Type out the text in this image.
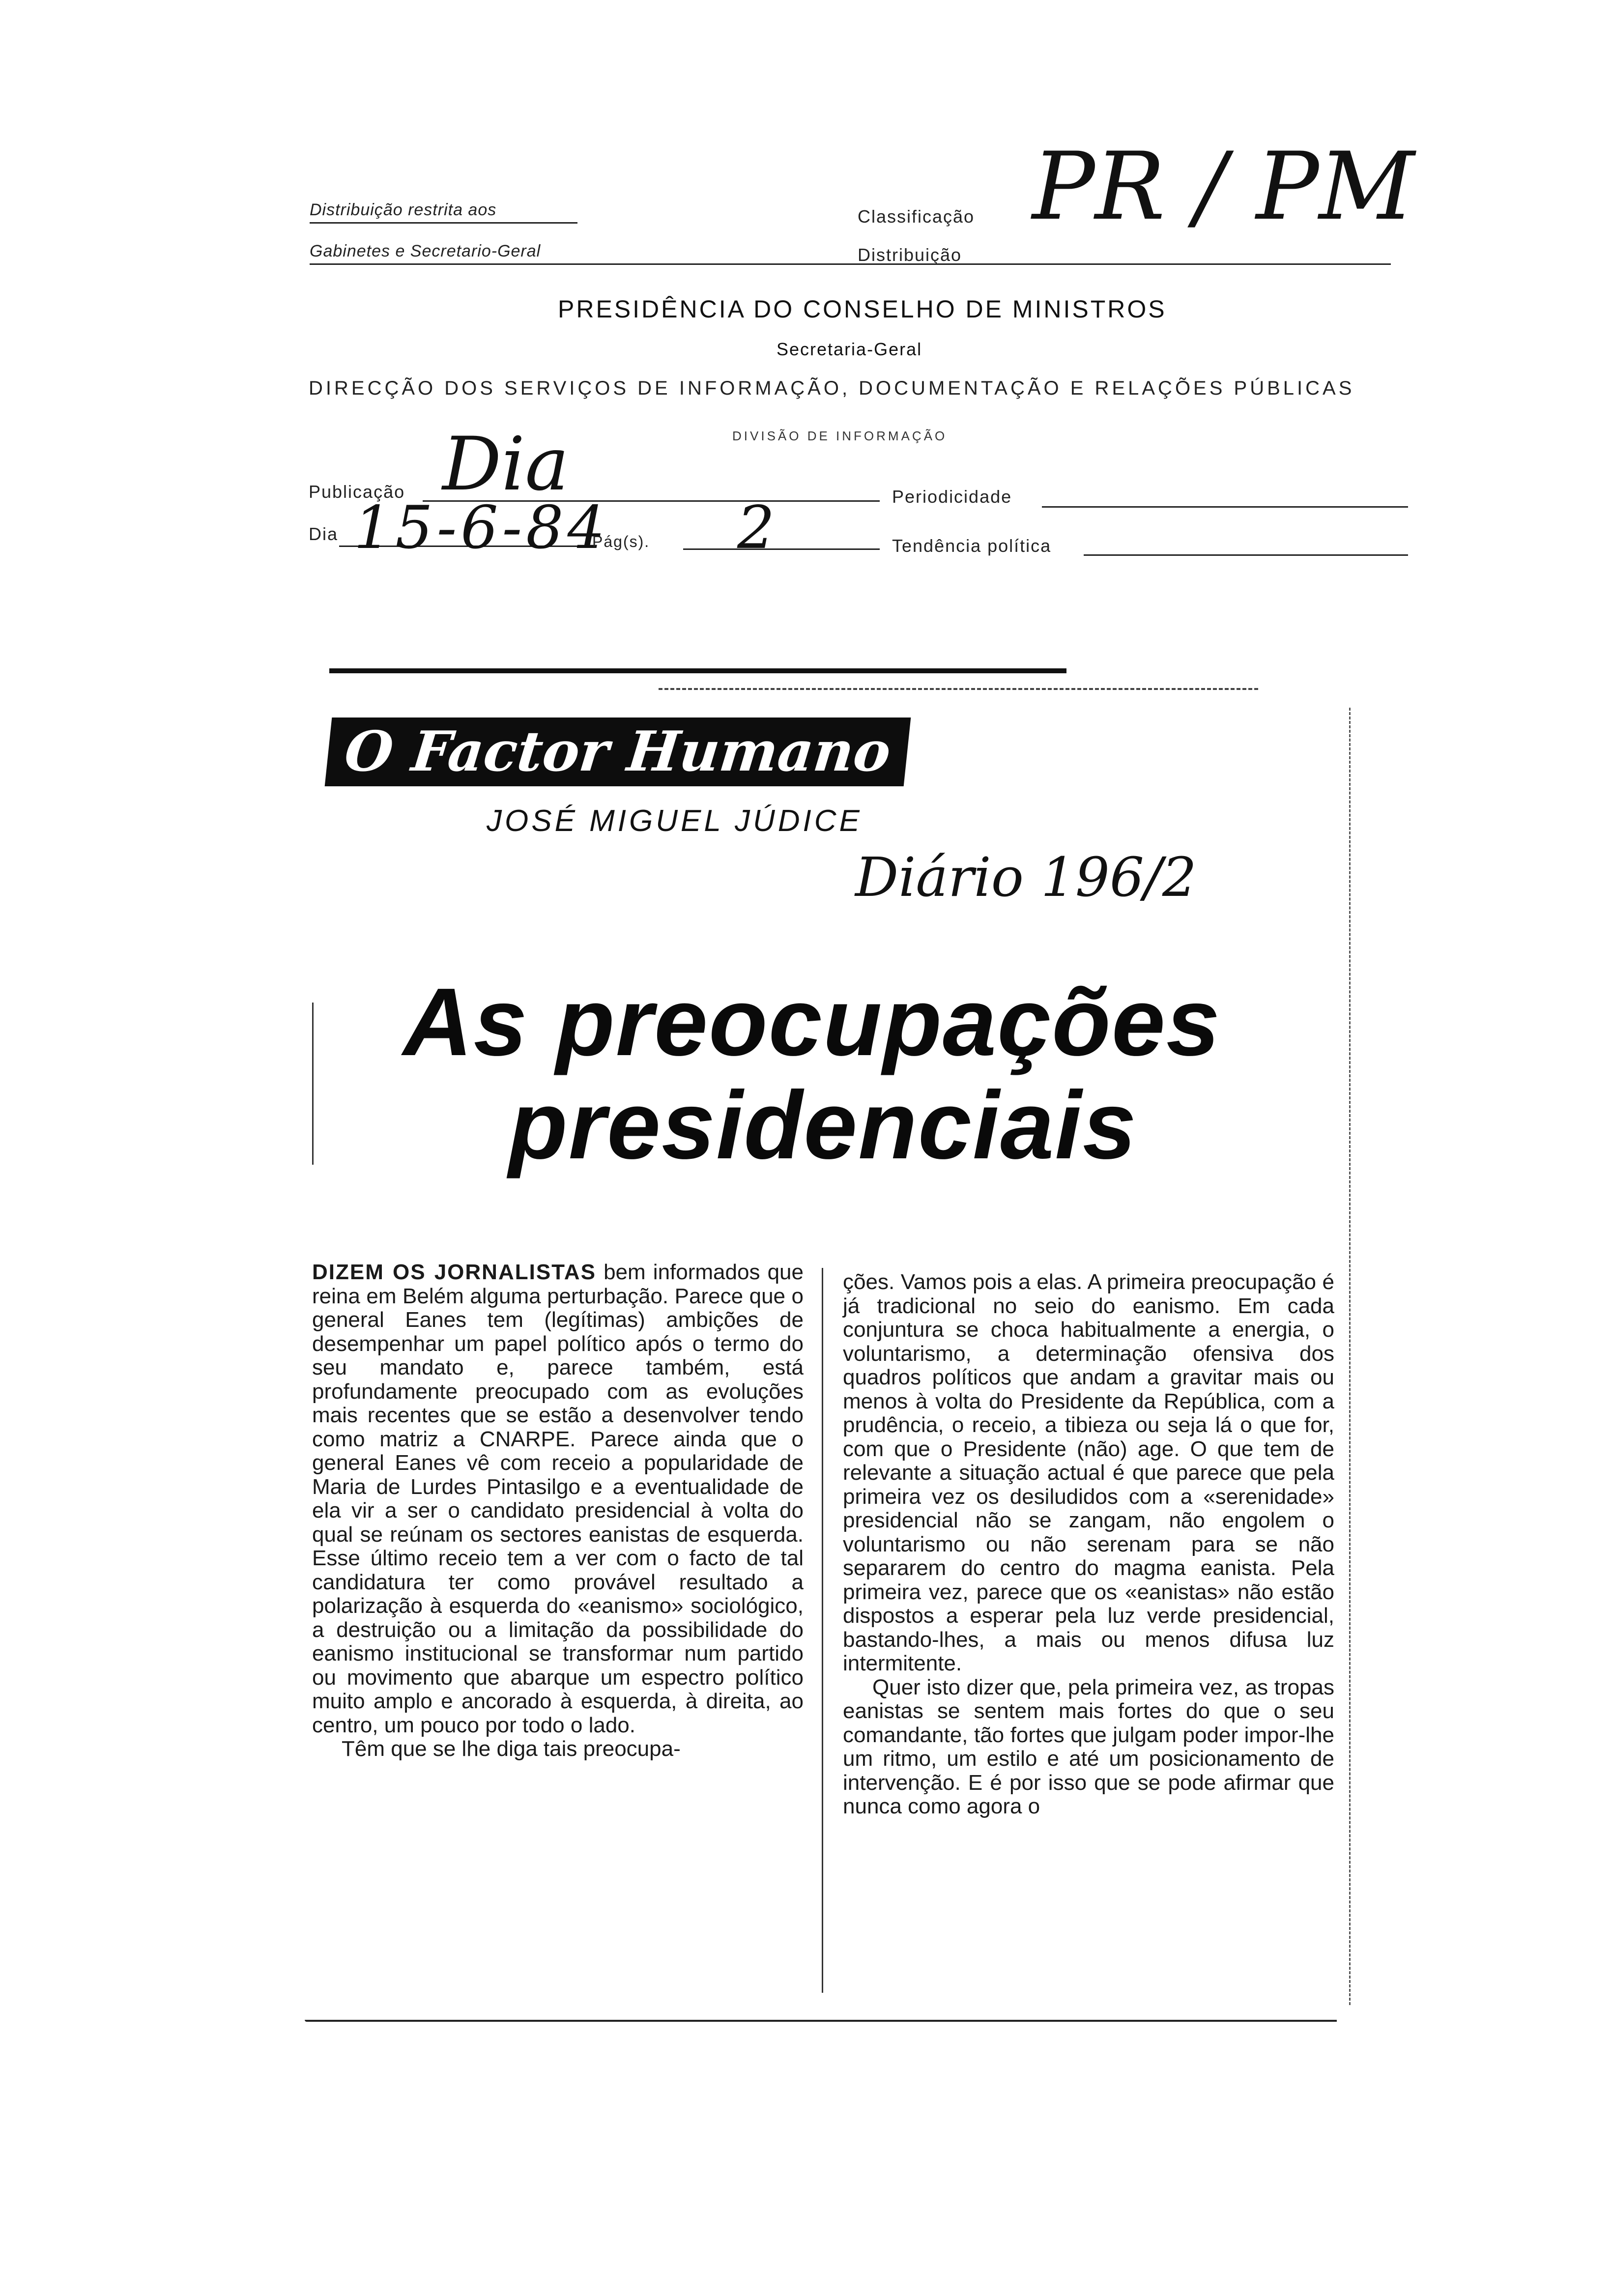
Distribuição restrita aos
Gabinetes e Secretario-Geral
Classificação
Distribuição
PR / PM
PRESIDÊNCIA DO CONSELHO DE MINISTROS
Secretaria-Geral
DIRECÇÃO DOS SERVIÇOS DE INFORMAÇÃO, DOCUMENTAÇÃO E RELAÇÕES PÚBLICAS
DIVISÃO DE INFORMAÇÃO
Publicação Dia	Periodicidade
Dia 15-6-84
Pág(s). 2	Tendência política
O Factor Humano
JOSÉ MIGUEL JÚDICE
Diário 196/2
As preocupações
presidenciais

DIZEM OS JORNALISTAS bem informados que reina em Belém alguma perturbação. Parece que o general Eanes tem (legítimas) ambições de desempenhar um papel político após o termo do seu mandato e, parece também, está profundamente preocupado com as evoluções mais recentes que se estão a desenvolver tendo como matriz a CNARPE. Parece ainda que o general Eanes vê com receio a popularidade de Maria de Lurdes Pintasilgo e a eventualidade de ela vir a ser o candidato presidencial à volta do qual se reúnam os sectores eanistas de esquerda. Esse último receio tem a ver com o facto de tal candidatura ter como provável resultado a polarização à esquerda do «eanismo» sociológico, a destruição ou a limitação da possibilidade do eanismo institucional se transformar num partido ou movimento que abarque um espectro político muito amplo e ancorado à esquerda, à direita, ao centro, um pouco por todo o lado.

Têm que se lhe diga tais preocupa-

ções. Vamos pois a elas. A primeira preocupação é já tradicional no seio do eanismo. Em cada conjuntura se choca habitualmente a energia, o voluntarismo, a determinação ofensiva dos quadros políticos que andam a gravitar mais ou menos à volta do Presidente da República, com a prudência, o receio, a tibieza ou seja lá o que for, com que o Presidente (não) age. O que tem de relevante a situação actual é que parece que pela primeira vez os desiludidos com a «serenidade» presidencial não se zangam, não engolem o voluntarismo ou não serenam para se não separarem do centro do magma eanista. Pela primeira vez, parece que os «eanistas» não estão dispostos a esperar pela luz verde presidencial, bastando-lhes, a mais ou menos difusa luz intermitente.

Quer isto dizer que, pela primeira vez, as tropas eanistas se sentem mais fortes do que o seu comandante, tão fortes que julgam poder impor-lhe um ritmo, um estilo e até um posicionamento de intervenção. E é por isso que se pode afirmar que nunca como agora o
